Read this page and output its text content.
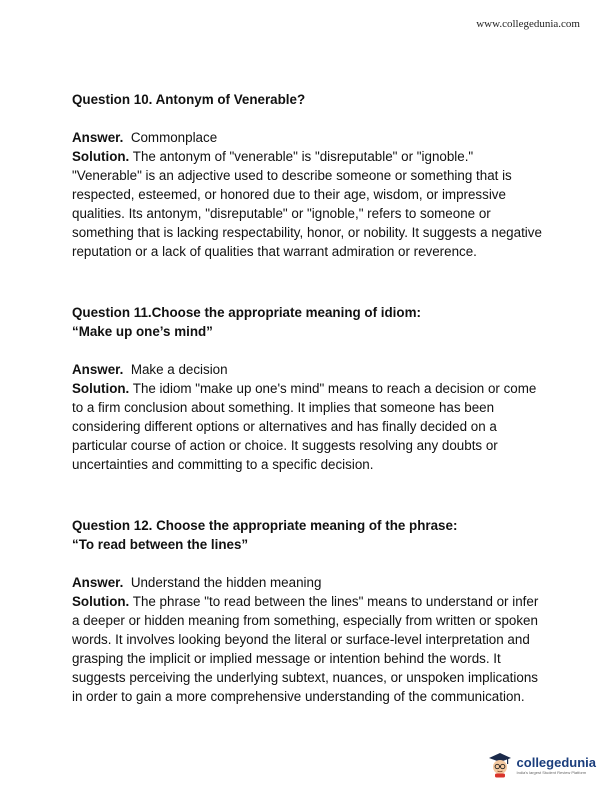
www.collegedunia.com

Question 10. Antonym of Venerable?

Answer. Commonplace

Solution. The antonym of "venerable" is "disreputable" or "ignoble." "Venerable" is an adjective used to describe someone or something that is respected, esteemed, or honored due to their age, wisdom, or impressive qualities. Its antonym, "disreputable" or "ignoble," refers to someone or something that is lacking respectability, honor, or nobility. It suggests a negative reputation or a lack of qualities that warrant admiration or reverence.

Question 11.Choose the appropriate meaning of idiom:

“Make up one’s mind”

Answer. Make a decision

Solution. The idiom "make up one's mind" means to reach a decision or come to a firm conclusion about something. It implies that someone has been considering different options or alternatives and has finally decided on a particular course of action or choice. It suggests resolving any doubts or uncertainties and committing to a specific decision.

Question 12. Choose the appropriate meaning of the phrase:

“To read between the lines”

Answer. Understand the hidden meaning

Solution. The phrase "to read between the lines" means to understand or infer a deeper or hidden meaning from something, especially from written or spoken words. It involves looking beyond the literal or surface-level interpretation and grasping the implicit or implied message or intention behind the words. It suggests perceiving the underlying subtext, nuances, or unspoken implications in order to gain a more comprehensive understanding of the communication.

collegedunia
India's largest Student Review Platform
